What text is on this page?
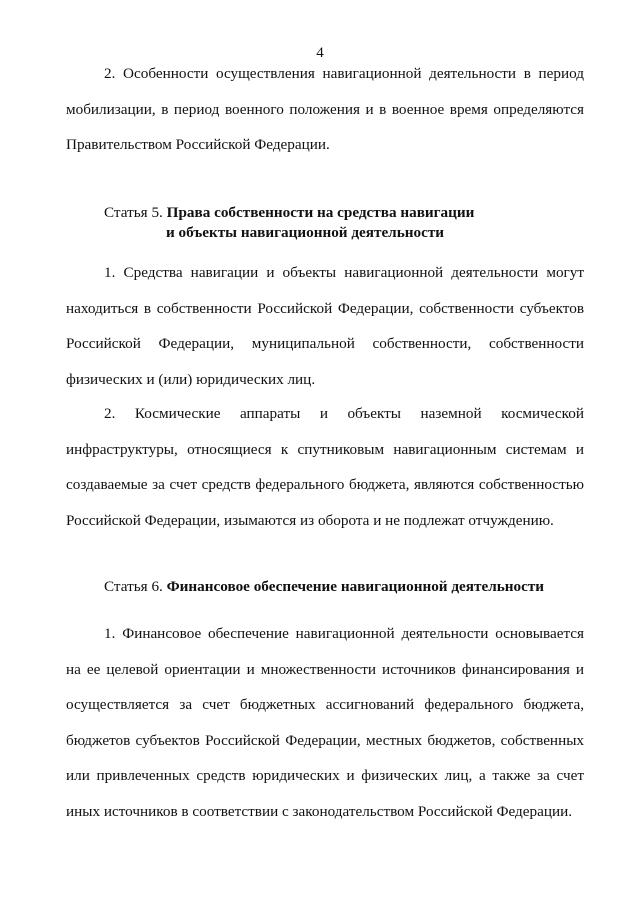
4

2. Особенности осуществления навигационной деятельности в период мобилизации, в период военного положения и в военное время определяются Правительством Российской Федерации.

Статья 5. Права собственности на средства навигации
и объекты навигационной деятельности

1. Средства навигации и объекты навигационной деятельности могут находиться в собственности Российской Федерации, собственности субъектов Российской Федерации, муниципальной собственности, собственности физических и (или) юридических лиц.

2. Космические аппараты и объекты наземной космической инфраструктуры, относящиеся к спутниковым навигационным системам и создаваемые за счет средств федерального бюджета, являются собственностью Российской Федерации, изымаются из оборота и не подлежат отчуждению.

Статья 6. Финансовое обеспечение навигационной деятельности

1. Финансовое обеспечение навигационной деятельности основывается на ее целевой ориентации и множественности источников финансирования и осуществляется за счет бюджетных ассигнований федерального бюджета, бюджетов субъектов Российской Федерации, местных бюджетов, собственных или привлеченных средств юридических и физических лиц, а также за счет иных источников в соответствии с законодательством Российской Федерации.
